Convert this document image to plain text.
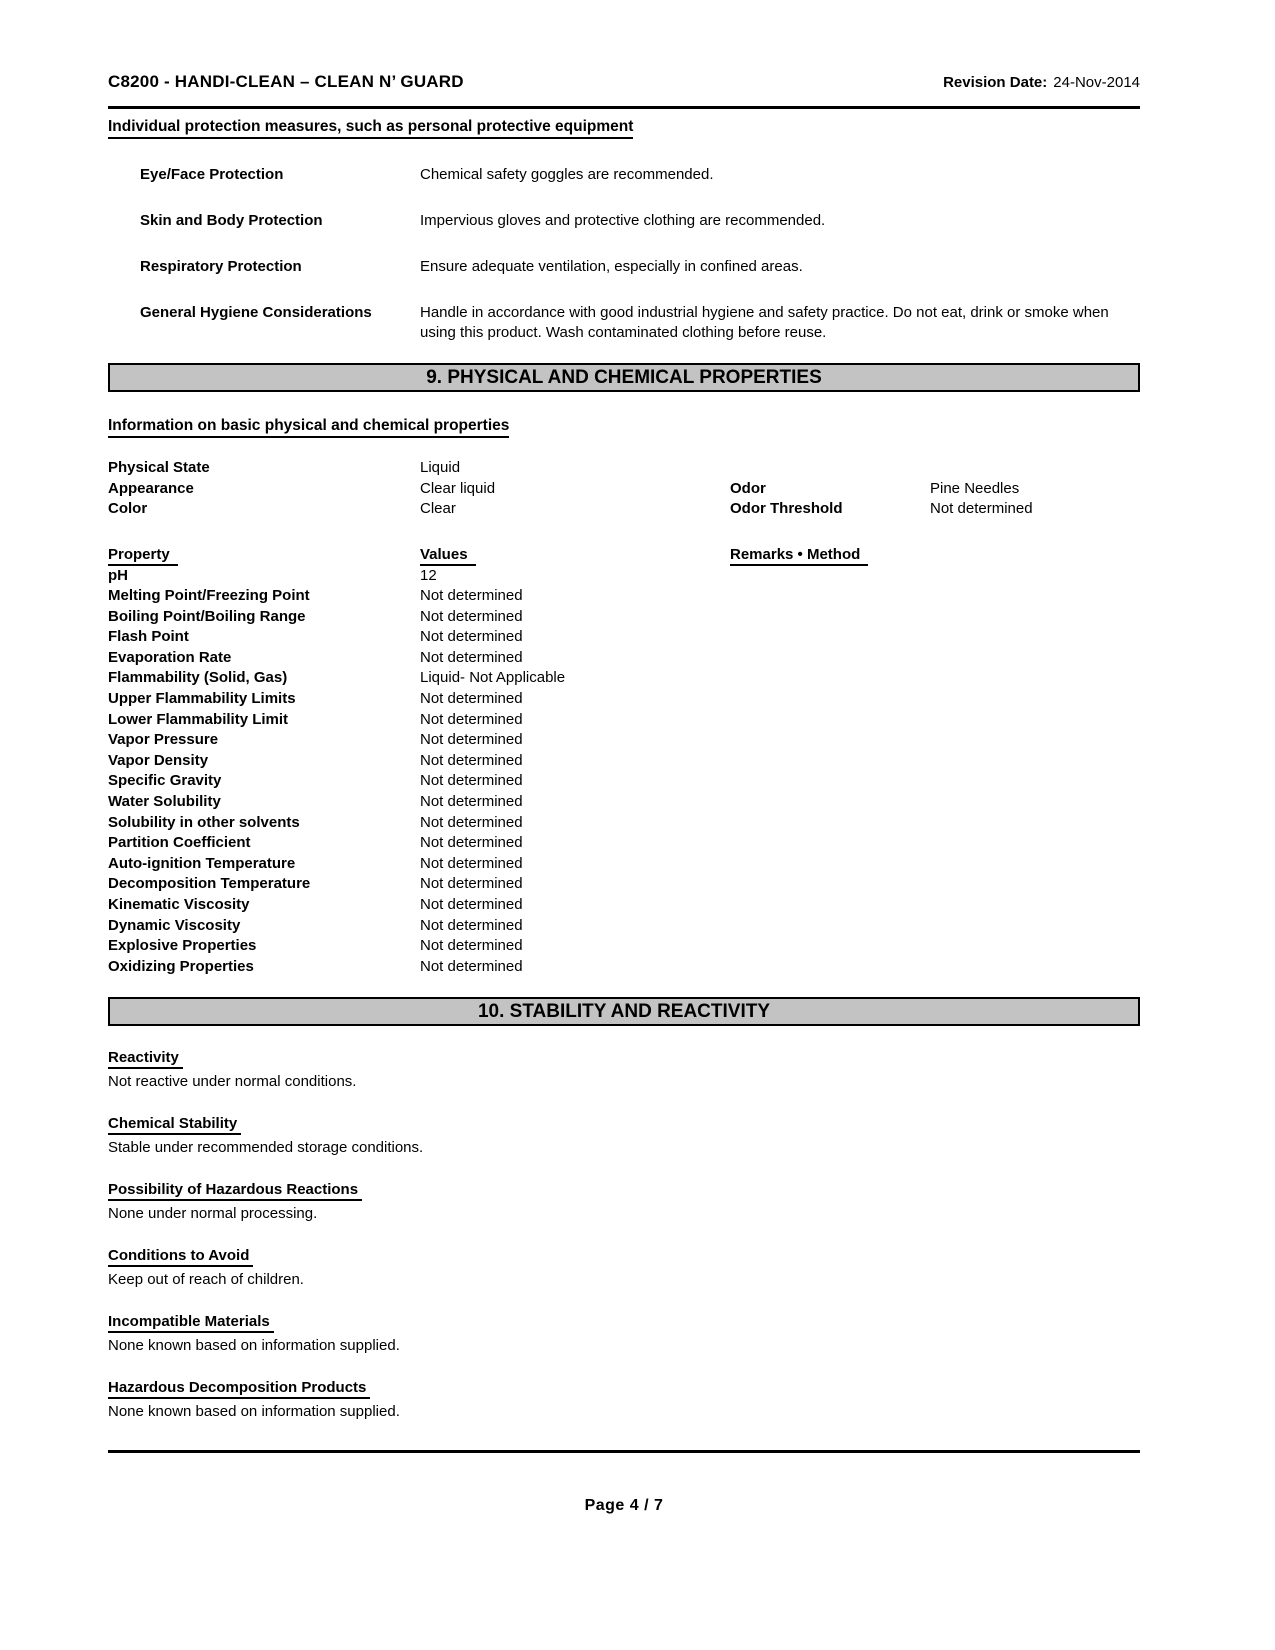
C8200 - HANDI-CLEAN – CLEAN N’ GUARD	Revision Date: 24-Nov-2014
Individual protection measures, such as personal protective equipment
Eye/Face Protection	Chemical safety goggles are recommended.
Skin and Body Protection	Impervious gloves and protective clothing are recommended.
Respiratory Protection	Ensure adequate ventilation, especially in confined areas.
General Hygiene Considerations	Handle in accordance with good industrial hygiene and safety practice. Do not eat, drink or smoke when using this product. Wash contaminated clothing before reuse.
9. PHYSICAL AND CHEMICAL PROPERTIES
Information on basic physical and chemical properties
Physical State	Liquid
Appearance	Clear liquid	Odor	Pine Needles
Color	Clear	Odor Threshold	Not determined
Property	Values	Remarks • Method
pH	12
Melting Point/Freezing Point	Not determined
Boiling Point/Boiling Range	Not determined
Flash Point	Not determined
Evaporation Rate	Not determined
Flammability (Solid, Gas)	Liquid- Not Applicable
Upper Flammability Limits	Not determined
Lower Flammability Limit	Not determined
Vapor Pressure	Not determined
Vapor Density	Not determined
Specific Gravity	Not determined
Water Solubility	Not determined
Solubility in other solvents	Not determined
Partition Coefficient	Not determined
Auto-ignition Temperature	Not determined
Decomposition Temperature	Not determined
Kinematic Viscosity	Not determined
Dynamic Viscosity	Not determined
Explosive Properties	Not determined
Oxidizing Properties	Not determined
10. STABILITY AND REACTIVITY
Reactivity
Not reactive under normal conditions.
Chemical Stability
Stable under recommended storage conditions.
Possibility of Hazardous Reactions
None under normal processing.
Conditions to Avoid
Keep out of reach of children.
Incompatible Materials
None known based on information supplied.
Hazardous Decomposition Products
None known based on information supplied.
Page 4 / 7
